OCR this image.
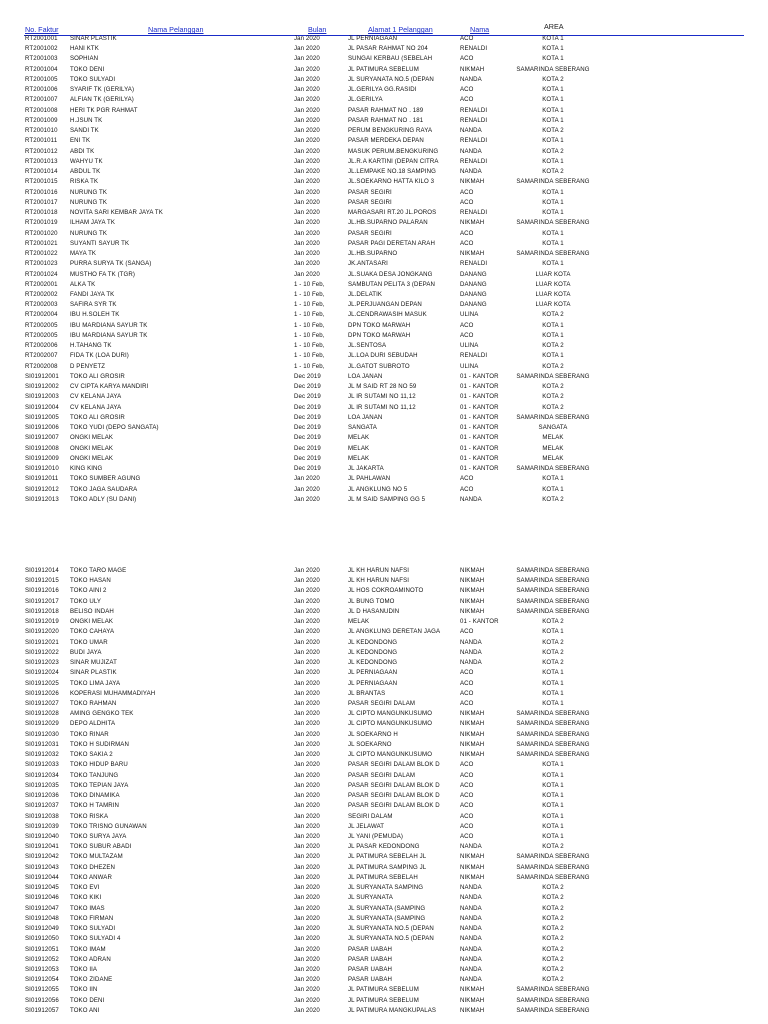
No. Faktur	Nama Pelanggan	Bulan	Alamat 1 Pelanggan	Nama	AREA
RT2001001	SINAR PLASTIK	Jan 2020	JL PERNIAGAAN	ACO	KOTA 1
RT2001002	HANI KTK	Jan 2020	JL PASAR RAHMAT NO 204	RENALDI	KOTA 1
RT2001003	SOPHIAN	Jan 2020	SUNGAI KERBAU (SEBELAH	ACO	KOTA 1
RT2001004	TOKO DENI	Jan 2020	JL PATIMURA SEBELUM	NIKMAH	SAMARINDA SEBERANG
RT2001005	TOKO SULYADI	Jan 2020	JL SURYANATA NO.5 (DEPAN	NANDA	KOTA 2
RT2001006	SYARIF TK (GERILYA)	Jan 2020	JL.GERILYA GG.RASIDI	ACO	KOTA 1
RT2001007	ALFIAN TK (GERILYA)	Jan 2020	JL.GERILYA	ACO	KOTA 1
RT2001008	HERI TK PGR RAHMAT	Jan 2020	PASAR RAHMAT NO . 189	RENALDI	KOTA 1
RT2001009	H.JSUN TK	Jan 2020	PASAR RAHMAT NO . 181	RENALDI	KOTA 1
RT2001010	SANDI TK	Jan 2020	PERUM BENGKURING RAYA	NANDA	KOTA 2
RT2001011	ENI TK	Jan 2020	PASAR MERDEKA DEPAN	RENALDI	KOTA 1
RT2001012	ABDI TK	Jan 2020	MASUK PERUM.BENGKURING	NANDA	KOTA 2
RT2001013	WAHYU TK	Jan 2020	JL.R.A KARTINI (DEPAN CITRA	RENALDI	KOTA 1
RT2001014	ABDUL TK	Jan 2020	JL.LEMPAKE NO.18 SAMPING	NANDA	KOTA 2
RT2001015	RISKA TK	Jan 2020	JL.SOEKARNO HATTA KILO 3	NIKMAH	SAMARINDA SEBERANG
RT2001016	NURUNG TK	Jan 2020	PASAR SEGIRI	ACO	KOTA 1
RT2001017	NURUNG TK	Jan 2020	PASAR SEGIRI	ACO	KOTA 1
RT2001018	NOVITA SARI KEMBAR JAYA TK	Jan 2020	MARGASARI RT.20 JL.POROS	RENALDI	KOTA 1
RT2001019	ILHAM JAYA TK	Jan 2020	JL.HB.SUPARNO PALARAN	NIKMAH	SAMARINDA SEBERANG
RT2001020	NURUNG TK	Jan 2020	PASAR SEGIRI	ACO	KOTA 1
RT2001021	SUYANTI SAYUR TK	Jan 2020	PASAR PAGI DERETAN ARAH	ACO	KOTA 1
RT2001022	MAYA TK	Jan 2020	JL.HB.SUPARNO	NIKMAH	SAMARINDA SEBERANG
RT2001023	PURRA SURYA TK (SANGA)	Jan 2020	JK.ANTASARI	RENALDI	KOTA 1
RT2001024	MUSTHO FA TK (TGR)	Jan 2020	JL.SUAKA DESA JONGKANG	DANANG	LUAR KOTA
RT2002001	ALKA TK	1 - 10 Feb,	SAMBUTAN PELITA 3 (DEPAN	DANANG	LUAR KOTA
RT2002002	FANDI JAYA TK	1 - 10 Feb,	JL.DELATIK	DANANG	LUAR KOTA
RT2002003	SAFIRA SYR TK	1 - 10 Feb,	JL.PERJUANGAN DEPAN	DANANG	LUAR KOTA
RT2002004	IBU H.SOLEH TK	1 - 10 Feb,	JL.CENDRAWASIH MASUK	ULINA	KOTA 2
RT2002005	IBU MARDIANA SAYUR TK	1 - 10 Feb,	DPN TOKO MARWAH	ACO	KOTA 1
RT2002005	IBU MARDIANA SAYUR TK	1 - 10 Feb,	DPN TOKO MARWAH	ACO	KOTA 1
RT2002006	H.TAHANG TK	1 - 10 Feb,	JL.SENTOSA	ULINA	KOTA 2
RT2002007	FIDA TK (LOA DURI)	1 - 10 Feb,	JL.LOA DURI SEBUDAH	RENALDI	KOTA 1
RT2002008	D PENYETZ	1 - 10 Feb,	JL.GATOT SUBROTO	ULINA	KOTA 2
SI01912001	TOKO ALI GROSIR	Dec 2019	LOA JANAN	01 - KANTOR	SAMARINDA SEBERANG
SI01912002	CV CIPTA KARYA MANDIRI	Dec 2019	JL M SAID RT 28 NO 59	01 - KANTOR	KOTA 2
SI01912003	CV KELANA JAYA	Dec 2019	JL IR SUTAMI NO 11,12	01 - KANTOR	KOTA 2
SI01912004	CV KELANA JAYA	Dec 2019	JL IR SUTAMI NO 11,12	01 - KANTOR	KOTA 2
SI01912005	TOKO ALI GROSIR	Dec 2019	LOA JANAN	01 - KANTOR	SAMARINDA SEBERANG
SI01912006	TOKO YUDI (DEPO SANGATA)	Dec 2019	SANGATA	01 - KANTOR	SANGATA
SI01912007	ONGKI MELAK	Dec 2019	MELAK	01 - KANTOR	MELAK
SI01912008	ONGKI MELAK	Dec 2019	MELAK	01 - KANTOR	MELAK
SI01912009	ONGKI MELAK	Dec 2019	MELAK	01 - KANTOR	MELAK
SI01912010	KING KING	Dec 2019	JL JAKARTA	01 - KANTOR	SAMARINDA SEBERANG
SI01912011	TOKO SUMBER AGUNG	Jan 2020	JL PAHLAWAN	ACO	KOTA 1
SI01912012	TOKO JAGA SAUDARA	Jan 2020	JL ANGKLUNG NO 5	ACO	KOTA 1
SI01912013	TOKO ADLY (SU DANI)	Jan 2020	JL M SAID SAMPING GG 5	NANDA	KOTA 2
SI01912014	TOKO TARO MAGE	Jan 2020	JL KH HARUN NAFSI	NIKMAH	SAMARINDA SEBERANG
SI01912015	TOKO HASAN	Jan 2020	JL KH HARUN NAFSI	NIKMAH	SAMARINDA SEBERANG
SI01912016	TOKO AINI 2	Jan 2020	JL HOS COKROAMINOTO	NIKMAH	SAMARINDA SEBERANG
SI01912017	TOKO ULY	Jan 2020	JL BUNG TOMO	NIKMAH	SAMARINDA SEBERANG
SI01912018	BELISO INDAH	Jan 2020	JL D HASANUDIN	NIKMAH	SAMARINDA SEBERANG
SI01912019	ONGKI MELAK	Jan 2020	MELAK	01 - KANTOR	KOTA 2
SI01912020	TOKO CAHAYA	Jan 2020	JL ANGKLUNG DERETAN JAGA	ACO	KOTA 1
SI01912021	TOKO UMAR	Jan 2020	JL KEDONDONG	NANDA	KOTA 2
SI01912022	BUDI JAYA	Jan 2020	JL KEDONDONG	NANDA	KOTA 2
SI01912023	SINAR MUJIZAT	Jan 2020	JL KEDONDONG	NANDA	KOTA 2
SI01912024	SINAR PLASTIK	Jan 2020	JL PERNIAGAAN	ACO	KOTA 1
SI01912025	TOKO LIMA JAYA	Jan 2020	JL PERNIAGAAN	ACO	KOTA 1
SI01912026	KOPERASI MUHAMMADIYAH	Jan 2020	JL BRANTAS	ACO	KOTA 1
SI01912027	TOKO RAHMAN	Jan 2020	PASAR SEGIRI DALAM	ACO	KOTA 1
SI01912028	AMING GENGKO TEK	Jan 2020	JL CIPTO MANGUNKUSUMO	NIKMAH	SAMARINDA SEBERANG
SI01912029	DEPO ALDHITA	Jan 2020	JL CIPTO MANGUNKUSUMO	NIKMAH	SAMARINDA SEBERANG
SI01912030	TOKO RINAR	Jan 2020	JL SOEKARNO H	NIKMAH	SAMARINDA SEBERANG
SI01912031	TOKO H SUDIRMAN	Jan 2020	JL SOEKARNO	NIKMAH	SAMARINDA SEBERANG
SI01912032	TOKO SAKIA 2	Jan 2020	JL CIPTO MANGUNKUSUMO	NIKMAH	SAMARINDA SEBERANG
SI01912033	TOKO HIDUP BARU	Jan 2020	PASAR SEGIRI DALAM BLOK D	ACO	KOTA 1
SI01912034	TOKO TANJUNG	Jan 2020	PASAR SEGIRI DALAM	ACO	KOTA 1
SI01912035	TOKO TEPIAN JAYA	Jan 2020	PASAR SEGIRI DALAM BLOK D	ACO	KOTA 1
SI01912036	TOKO DINAMIKA	Jan 2020	PASAR SEGIRI DALAM BLOK D	ACO	KOTA 1
SI01912037	TOKO H TAMRIN	Jan 2020	PASAR SEGIRI DALAM BLOK D	ACO	KOTA 1
SI01912038	TOKO RISKA	Jan 2020	SEGIRI DALAM	ACO	KOTA 1
SI01912039	TOKO TRISNO GUNAWAN	Jan 2020	JL JELAWAT	ACO	KOTA 1
SI01912040	TOKO SURYA JAYA	Jan 2020	JL YANI (PEMUDA)	ACO	KOTA 1
SI01912041	TOKO SUBUR ABADI	Jan 2020	JL PASAR KEDONDONG	NANDA	KOTA 2
SI01912042	TOKO MULTAZAM	Jan 2020	JL PATIMURA SEBELAH JL	NIKMAH	SAMARINDA SEBERANG
SI01912043	TOKO DHEZEN	Jan 2020	JL PATIMURA SAMPING JL	NIKMAH	SAMARINDA SEBERANG
SI01912044	TOKO ANWAR	Jan 2020	JL PATIMURA SEBELAH	NIKMAH	SAMARINDA SEBERANG
SI01912045	TOKO EVI	Jan 2020	JL SURYANATA SAMPING	NANDA	KOTA 2
SI01912046	TOKO KIKI	Jan 2020	JL SURYANATA	NANDA	KOTA 2
SI01912047	TOKO IMAS	Jan 2020	JL SURYANATA (SAMPING	NANDA	KOTA 2
SI01912048	TOKO FIRMAN	Jan 2020	JL SURYANATA (SAMPING	NANDA	KOTA 2
SI01912049	TOKO SULYADI	Jan 2020	JL SURYANATA NO.5 (DEPAN	NANDA	KOTA 2
SI01912050	TOKO SULYADI 4	Jan 2020	JL SURYANATA NO.5 (DEPAN	NANDA	KOTA 2
SI01912051	TOKO IMAM	Jan 2020	PASAR UABAH	NANDA	KOTA 2
SI01912052	TOKO ADRAN	Jan 2020	PASAR UABAH	NANDA	KOTA 2
SI01912053	TOKO IIA	Jan 2020	PASAR UABAH	NANDA	KOTA 2
SI01912054	TOKO ZIDANE	Jan 2020	PASAR UABAH	NANDA	KOTA 2
SI01912055	TOKO IIN	Jan 2020	JL PATIMURA SEBELUM	NIKMAH	SAMARINDA SEBERANG
SI01912056	TOKO DENI	Jan 2020	JL PATIMURA SEBELUM	NIKMAH	SAMARINDA SEBERANG
SI01912057	TOKO ANI	Jan 2020	JL PATIMURA MANGKUPALAS	NIKMAH	SAMARINDA SEBERANG
